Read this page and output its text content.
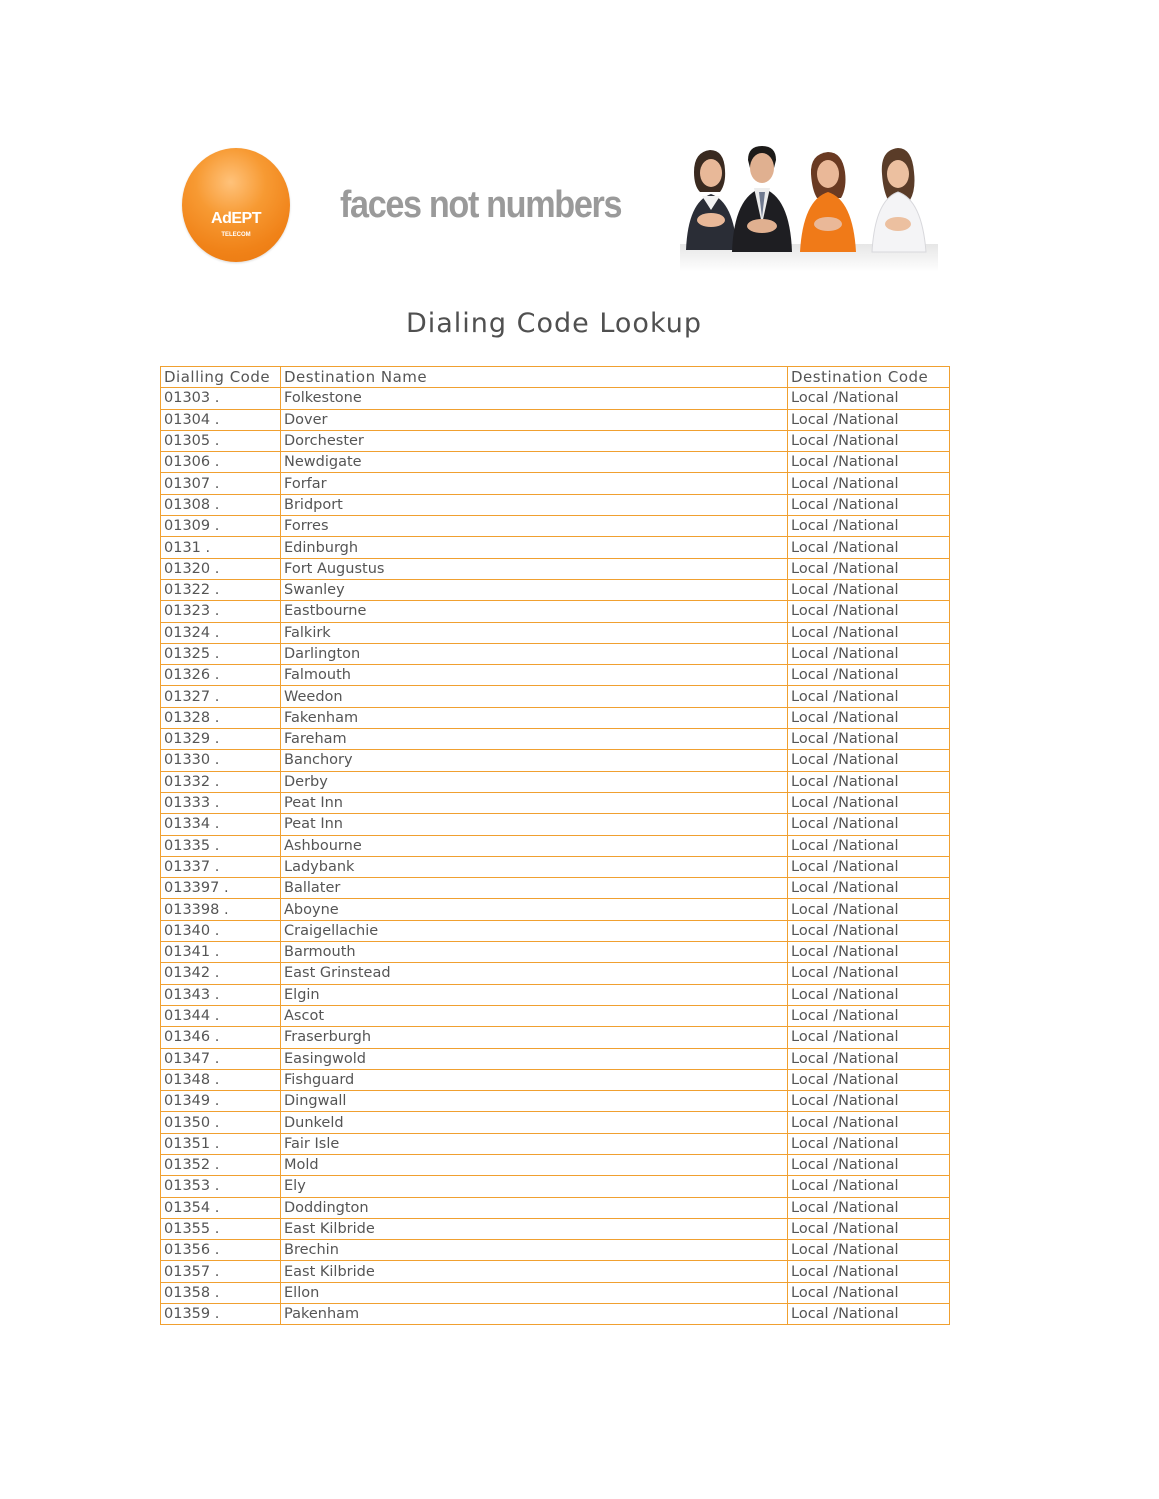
AdEPT
TELECOM
faces not numbers
Dialing Code Lookup
Dialling Code	Destination Name	Destination Code
01303 .	Folkestone	Local /National
01304 .	Dover	Local /National
01305 .	Dorchester	Local /National
01306 .	Newdigate	Local /National
01307 .	Forfar	Local /National
01308 .	Bridport	Local /National
01309 .	Forres	Local /National
0131 .	Edinburgh	Local /National
01320 .	Fort Augustus	Local /National
01322 .	Swanley	Local /National
01323 .	Eastbourne	Local /National
01324 .	Falkirk	Local /National
01325 .	Darlington	Local /National
01326 .	Falmouth	Local /National
01327 .	Weedon	Local /National
01328 .	Fakenham	Local /National
01329 .	Fareham	Local /National
01330 .	Banchory	Local /National
01332 .	Derby	Local /National
01333 .	Peat Inn	Local /National
01334 .	Peat Inn	Local /National
01335 .	Ashbourne	Local /National
01337 .	Ladybank	Local /National
013397 .	Ballater	Local /National
013398 .	Aboyne	Local /National
01340 .	Craigellachie	Local /National
01341 .	Barmouth	Local /National
01342 .	East Grinstead	Local /National
01343 .	Elgin	Local /National
01344 .	Ascot	Local /National
01346 .	Fraserburgh	Local /National
01347 .	Easingwold	Local /National
01348 .	Fishguard	Local /National
01349 .	Dingwall	Local /National
01350 .	Dunkeld	Local /National
01351 .	Fair Isle	Local /National
01352 .	Mold	Local /National
01353 .	Ely	Local /National
01354 .	Doddington	Local /National
01355 .	East Kilbride	Local /National
01356 .	Brechin	Local /National
01357 .	East Kilbride	Local /National
01358 .	Ellon	Local /National
01359 .	Pakenham	Local /National
